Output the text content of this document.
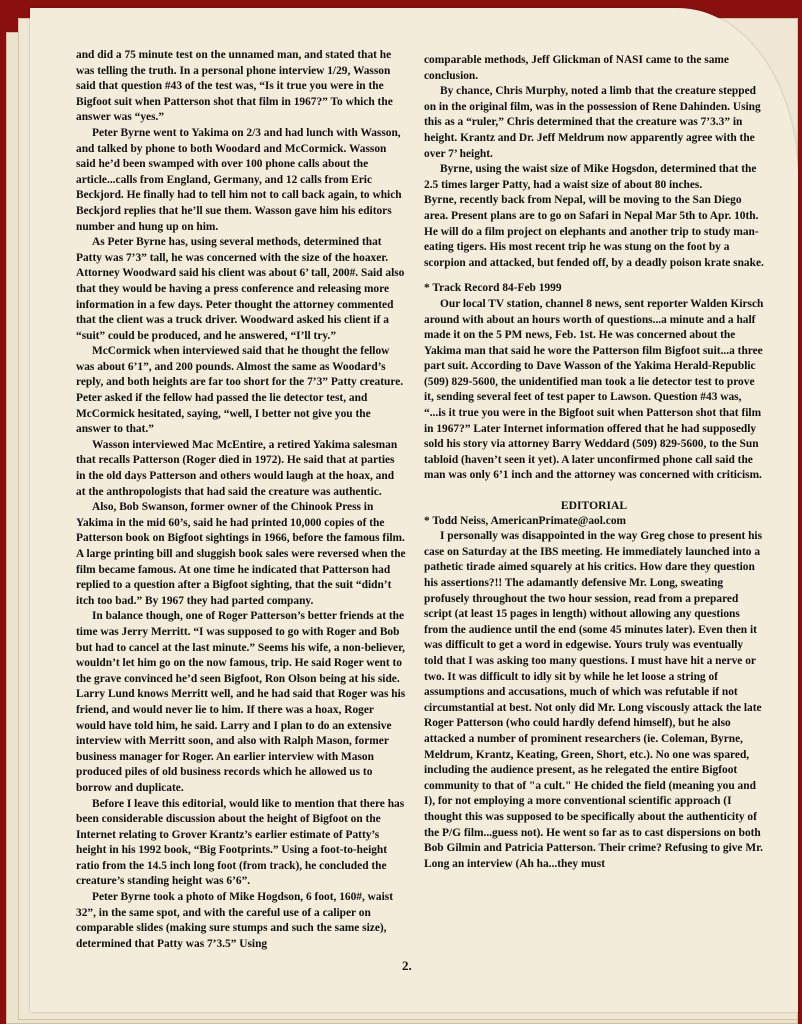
and did a 75 minute test on the unnamed man, and stated that he was telling the truth. In a personal phone interview 1/29, Wasson said that question #43 of the test was, “Is it true you were in the Bigfoot suit when Patterson shot that film in 1967?” To which the answer was “yes.”

Peter Byrne went to Yakima on 2/3 and had lunch with Wasson, and talked by phone to both Woodard and McCormick. Wasson said he’d been swamped with over 100 phone calls about the article...calls from England, Germany, and 12 calls from Eric Beckjord. He finally had to tell him not to call back again, to which Beckjord replies that he’ll sue them. Wasson gave him his editors number and hung up on him.

As Peter Byrne has, using several methods, determined that Patty was 7’3” tall, he was concerned with the size of the hoaxer. Attorney Woodward said his client was about 6’ tall, 200#. Said also that they would be having a press conference and releasing more information in a few days. Peter thought the attorney commented that the client was a truck driver. Woodward asked his client if a “suit” could be produced, and he answered, “I’ll try.”

McCormick when interviewed said that he thought the fellow was about 6’1”, and 200 pounds. Almost the same as Woodard’s reply, and both heights are far too short for the 7’3” Patty creature. Peter asked if the fellow had passed the lie detector test, and McCormick hesitated, saying, “well, I better not give you the answer to that.”

Wasson interviewed Mac McEntire, a retired Yakima salesman that recalls Patterson (Roger died in 1972). He said that at parties in the old days Patterson and others would laugh at the hoax, and at the anthropologists that had said the creature was authentic.

Also, Bob Swanson, former owner of the Chinook Press in Yakima in the mid 60’s, said he had printed 10,000 copies of the Patterson book on Bigfoot sightings in 1966, before the famous film. A large printing bill and sluggish book sales were reversed when the film became famous. At one time he indicated that Patterson had replied to a question after a Bigfoot sighting, that the suit “didn’t itch too bad.” By 1967 they had parted company.

In balance though, one of Roger Patterson’s better friends at the time was Jerry Merritt. “I was supposed to go with Roger and Bob but had to cancel at the last minute.” Seems his wife, a non-believer, wouldn’t let him go on the now famous, trip. He said Roger went to the grave convinced he’d seen Bigfoot, Ron Olson being at his side. Larry Lund knows Merritt well, and he had said that Roger was his friend, and would never lie to him. If there was a hoax, Roger would have told him, he said. Larry and I plan to do an extensive interview with Merritt soon, and also with Ralph Mason, former business manager for Roger. An earlier interview with Mason produced piles of old business records which he allowed us to borrow and duplicate.

Before I leave this editorial, would like to mention that there has been considerable discussion about the height of Bigfoot on the Internet relating to Grover Krantz’s earlier estimate of Patty’s height in his 1992 book, “Big Footprints.” Using a foot-to-height ratio from the 14.5 inch long foot (from track), he concluded the creature’s standing height was 6’6”.

Peter Byrne took a photo of Mike Hogdson, 6 foot, 160#, waist 32”, in the same spot, and with the careful use of a caliper on comparable slides (making sure stumps and such the same size), determined that Patty was 7’3.5” Using

comparable methods, Jeff Glickman of NASI came to the same conclusion.

By chance, Chris Murphy, noted a limb that the creature stepped on in the original film, was in the possession of Rene Dahinden. Using this as a “ruler,” Chris determined that the creature was 7’3.3” in height. Krantz and Dr. Jeff Meldrum now apparently agree with the over 7’ height.

Byrne, using the waist size of Mike Hogsdon, determined that the 2.5 times larger Patty, had a waist size of about 80 inches.

Byrne, recently back from Nepal, will be moving to the San Diego area. Present plans are to go on Safari in Nepal Mar 5th to Apr. 10th. He will do a film project on elephants and another trip to study man-eating tigers. His most recent trip he was stung on the foot by a scorpion and attacked, but fended off, by a deadly poison krate snake.

* Track Record 84-Feb 1999

Our local TV station, channel 8 news, sent reporter Walden Kirsch around with about an hours worth of questions...a minute and a half made it on the 5 PM news, Feb. 1st. He was concerned about the Yakima man that said he wore the Patterson film Bigfoot suit...a three part suit. According to Dave Wasson of the Yakima Herald-Republic (509) 829-5600, the unidentified man took a lie detector test to prove it, sending several feet of test paper to Lawson. Question #43 was, “...is it true you were in the Bigfoot suit when Patterson shot that film in 1967?” Later Internet information offered that he had supposedly sold his story via attorney Barry Weddard (509) 829-5600, to the Sun tabloid (haven’t seen it yet). A later unconfirmed phone call said the man was only 6’1 inch and the attorney was concerned with criticism.

EDITORIAL

* Todd Neiss, AmericanPrimate@aol.com

I personally was disappointed in the way Greg chose to present his case on Saturday at the IBS meeting. He immediately launched into a pathetic tirade aimed squarely at his critics. How dare they question his assertions?!! The adamantly defensive Mr. Long, sweating profusely throughout the two hour session, read from a prepared script (at least 15 pages in length) without allowing any questions from the audience until the end (some 45 minutes later). Even then it was difficult to get a word in edgewise. Yours truly was eventually told that I was asking too many questions. I must have hit a nerve or two. It was difficult to idly sit by while he let loose a string of assumptions and accusations, much of which was refutable if not circumstantial at best. Not only did Mr. Long viscously attack the late Roger Patterson (who could hardly defend himself), but he also attacked a number of prominent researchers (ie. Coleman, Byrne, Meldrum, Krantz, Keating, Green, Short, etc.). No one was spared, including the audience present, as he relegated the entire Bigfoot community to that of "a cult." He chided the field (meaning you and I), for not employing a more conventional scientific approach (I thought this was supposed to be specifically about the authenticity of the P/G film...guess not). He went so far as to cast dispersions on both Bob Gilmin and Patricia Patterson. Their crime? Refusing to give Mr. Long an interview (Ah ha...they must

2.
